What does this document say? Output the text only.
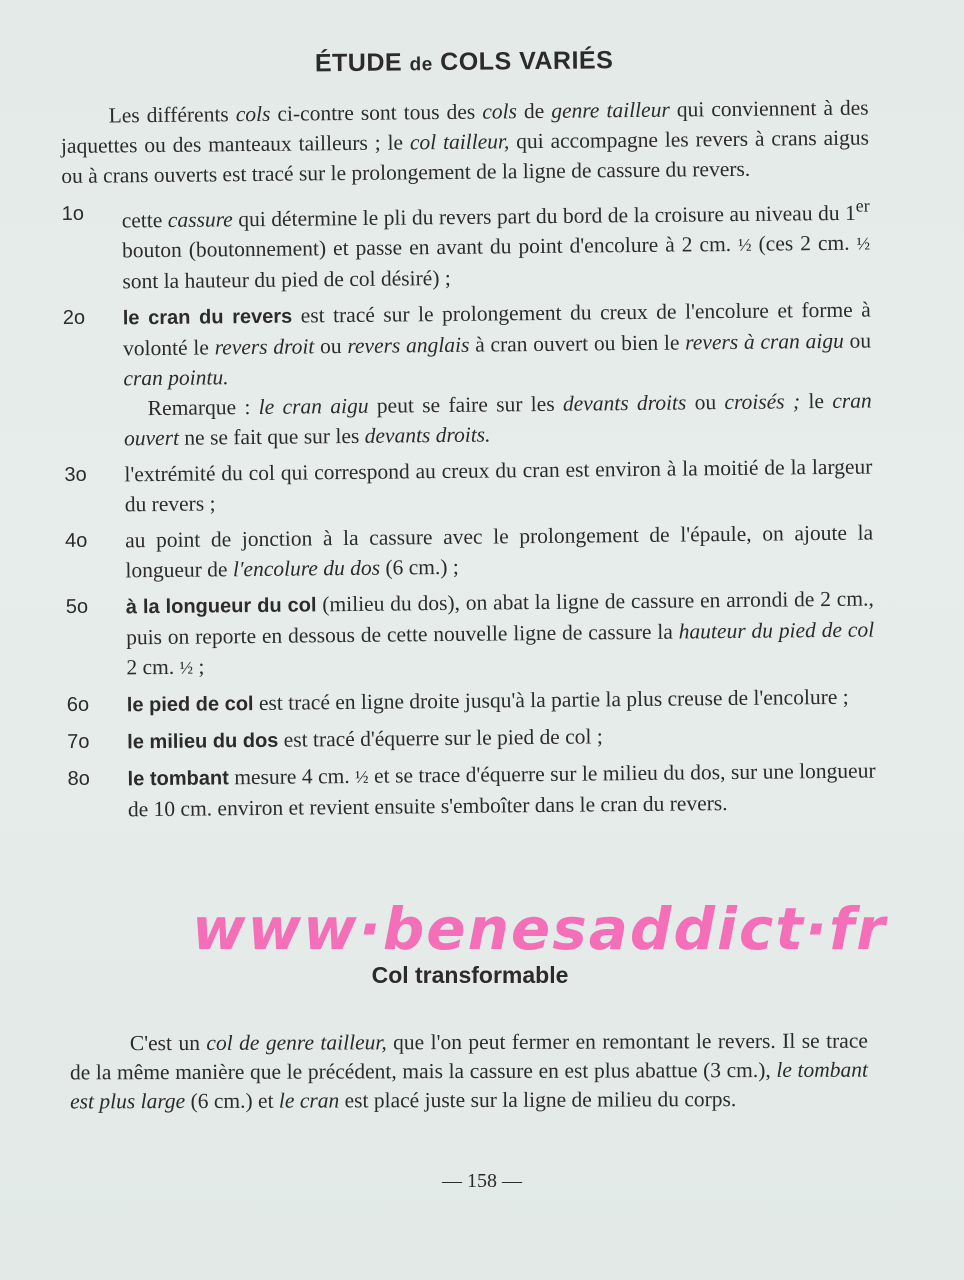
ÉTUDE de COLS VARIÉS

Les différents cols ci-contre sont tous des cols de genre tailleur qui conviennent à des jaquettes ou des manteaux tailleurs ; le col tailleur, qui accompagne les revers à crans aigus ou à crans ouverts est tracé sur le prolongement de la ligne de cassure du revers.

1o	cette cassure qui détermine le pli du revers part du bord de la croisure au niveau du 1er bouton (boutonnement) et passe en avant du point d'encolure à 2 cm. ½ (ces 2 cm. ½ sont la hauteur du pied de col désiré) ;

2o	le cran du revers est tracé sur le prolongement du creux de l'encolure et forme à volonté le revers droit ou revers anglais à cran ouvert ou bien le revers à cran aigu ou cran pointu.
Remarque : le cran aigu peut se faire sur les devants droits ou croisés ; le cran ouvert ne se fait que sur les devants droits.

3o	l'extrémité du col qui correspond au creux du cran est environ à la moitié de la largeur du revers ;

4o	au point de jonction à la cassure avec le prolongement de l'épaule, on ajoute la longueur de l'encolure du dos (6 cm.) ;

5o	à la longueur du col (milieu du dos), on abat la ligne de cassure en arrondi de 2 cm., puis on reporte en dessous de cette nouvelle ligne de cassure la hauteur du pied de col 2 cm. ½ ;

6o	le pied de col est tracé en ligne droite jusqu'à la partie la plus creuse de l'encolure ;

7o	le milieu du dos est tracé d'équerre sur le pied de col ;

8o	le tombant mesure 4 cm. ½ et se trace d'équerre sur le milieu du dos, sur une longueur de 10 cm. environ et revient ensuite s'emboîter dans le cran du revers.

www·benesaddict·fr
Col transformable

C'est un col de genre tailleur, que l'on peut fermer en remontant le revers. Il se trace de la même manière que le précédent, mais la cassure en est plus abattue (3 cm.), le tombant est plus large (6 cm.) et le cran est placé juste sur la ligne de milieu du corps.

— 158 —
